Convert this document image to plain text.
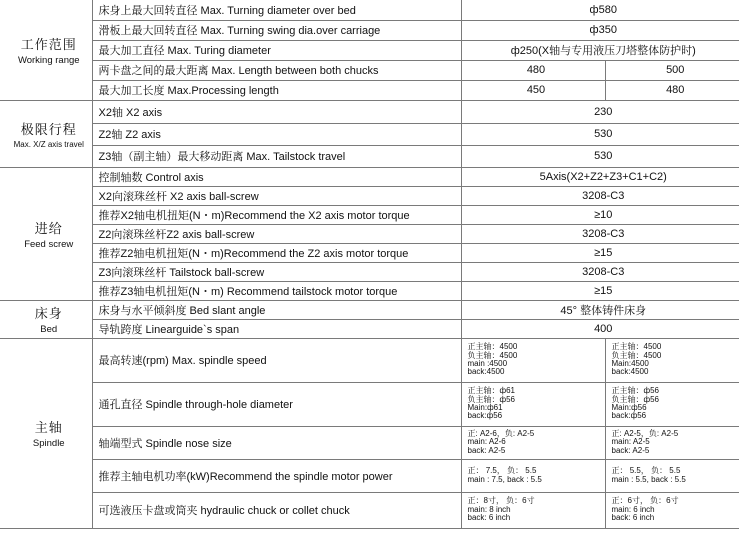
工作范围
Working range	床身上最大回转直径 Max. Turning diameter over bed	ф580	
	滑板上最大回转直径 Max. Turning swing dia.over carriage	ф350	
	最大加工直径 Max. Turing diameter	ф250(X轴与专用液压刀塔整体防护时)	
	两卡盘之间的最大距离 Max. Length between both chucks	480	500
	最大加工长度 Max.Processing length	450	480

极限行程
Max. X/Z axis travel	X2轴 X2 axis	230	
	Z2轴 Z2 axis	530	
	Z3轴（副主轴）最大移动距离 Max. Tailstock travel	530	

进给
Feed screw	控制轴数 Control axis	5Axis(X2+Z2+Z3+C1+C2)	
	X2向滚珠丝杆 X2 axis ball-screw	3208-C3	
	推荐X2轴电机扭矩(N・m)Recommend the X2 axis motor torque	≥10	
	Z2向滚珠丝杆Z2 axis ball-screw	3208-C3	
	推荐Z2轴电机扭矩(N・m)Recommend the Z2 axis motor torque	≥15	
	Z3向滚珠丝杆 Tailstock ball-screw	3208-C3	
	推荐Z3轴电机扭矩(N・m) Recommend tailstock motor torque	≥15	

床身
Bed	床身与水平倾斜度 Bed slant angle	45° 整体铸件床身	
	导轨跨度 Linearguide`s span	400	

主轴
Spindle	最高转速(rpm) Max. spindle speed	正主轴：4500
负主轴：4500
main :4500
back:4500	正主轴：4500
负主轴：4500
Main:4500
back:4500

	通孔直径 Spindle through-hole diameter	正主轴：ф61
负主轴：ф56
Main:ф61
back:ф56	正主轴：ф56
负主轴：ф56
Main:ф56
back:ф56

	轴端型式 Spindle nose size	正: A2-6，负: A2-5
main: A2-6
back: A2-5	正: A2-5，负: A2-5
main: A2-5
back: A2-5

	推荐主轴电机功率(kW)Recommend the spindle motor power	正： 7.5， 负： 5.5
main : 7.5, back : 5.5	正： 5.5， 负： 5.5
main : 5.5, back : 5.5

	可选液压卡盘或筒夹 hydraulic chuck or collet chuck	正：8寸， 负：6寸
main: 8 inch
back: 6 inch	正：6寸， 负：6寸
main: 6 inch
back: 6 inch
